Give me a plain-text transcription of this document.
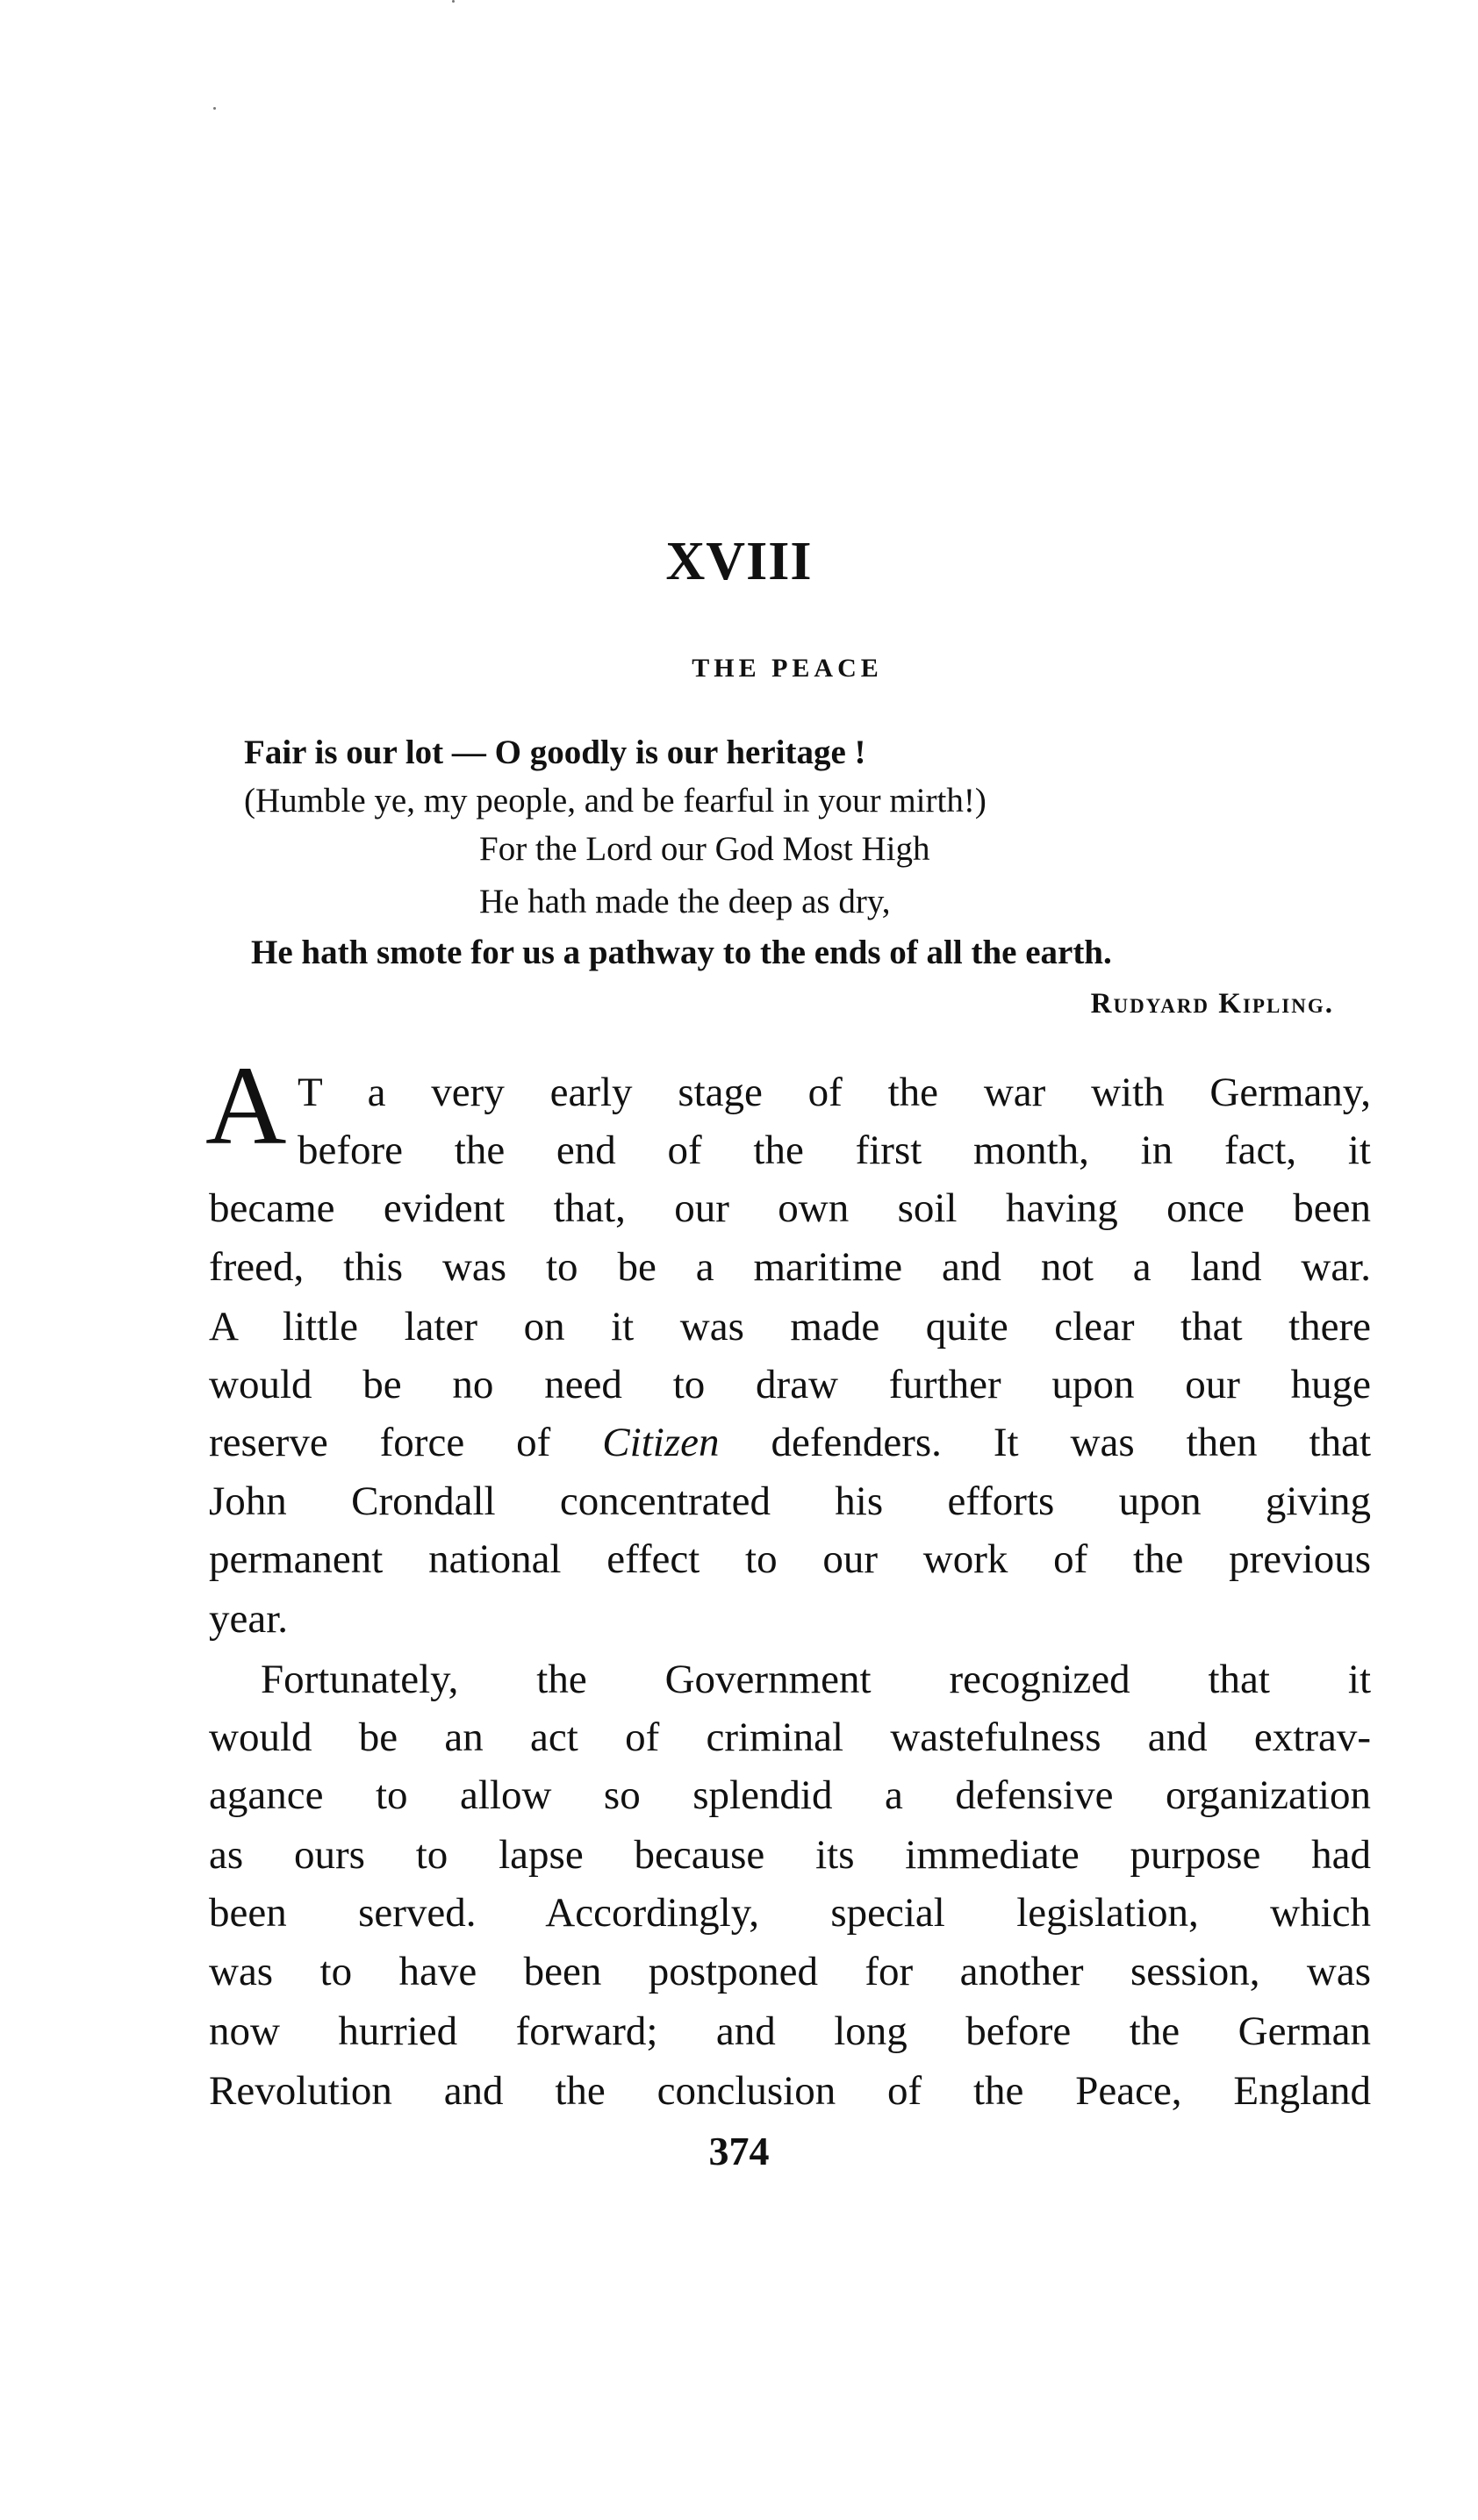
XVIII
THE PEACE
Fair is our lot — O goodly is our heritage !
(Humble ye, my people, and be fearful in your mirth!)
For the Lord our God Most High
He hath made the deep as dry,
He hath smote for us a pathway to the ends of all the earth.
Rudyard Kipling.
A T a very early stage of the war with Germany,
before the end of the first month, in fact, it
became evident that, our own soil having once been
freed, this was to be a maritime and not a land war.
A little later on it was made quite clear that there
would be no need to draw further upon our huge
reserve force of Citizen defenders. It was then that
John Crondall concentrated his efforts upon giving
permanent national effect to our work of the previous
year.
Fortunately, the Government recognized that it
would be an act of criminal wastefulness and extrav-
agance to allow so splendid a defensive organization
as ours to lapse because its immediate purpose had
been served. Accordingly, special legislation, which
was to have been postponed for another session, was
now hurried forward; and long before the German
Revolution and the conclusion of the Peace, England
374
